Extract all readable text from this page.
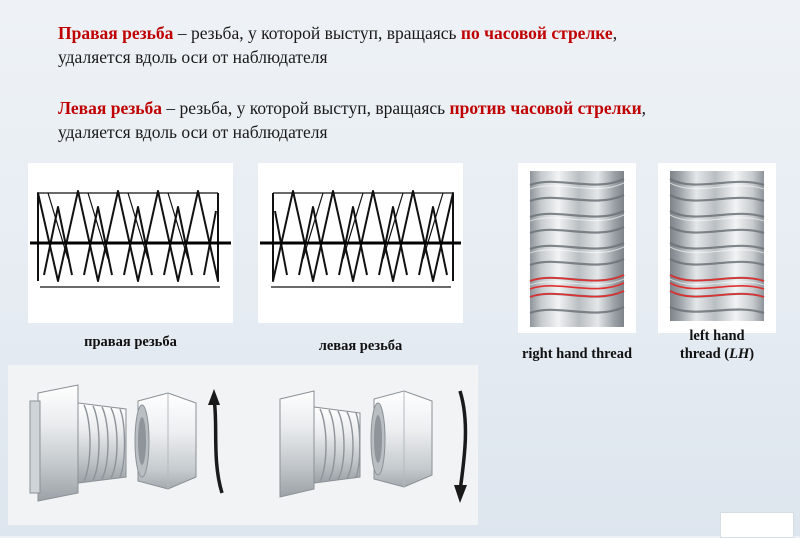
Правая резьба – резьба, у которой выступ, вращаясь по часовой стрелке,
удаляется вдоль оси от наблюдателя
Левая резьба – резьба, у которой выступ, вращаясь против часовой стрелки,
удаляется вдоль оси от наблюдателя
правая резьба	левая резьба	right hand thread
left hand
thread (LH)
